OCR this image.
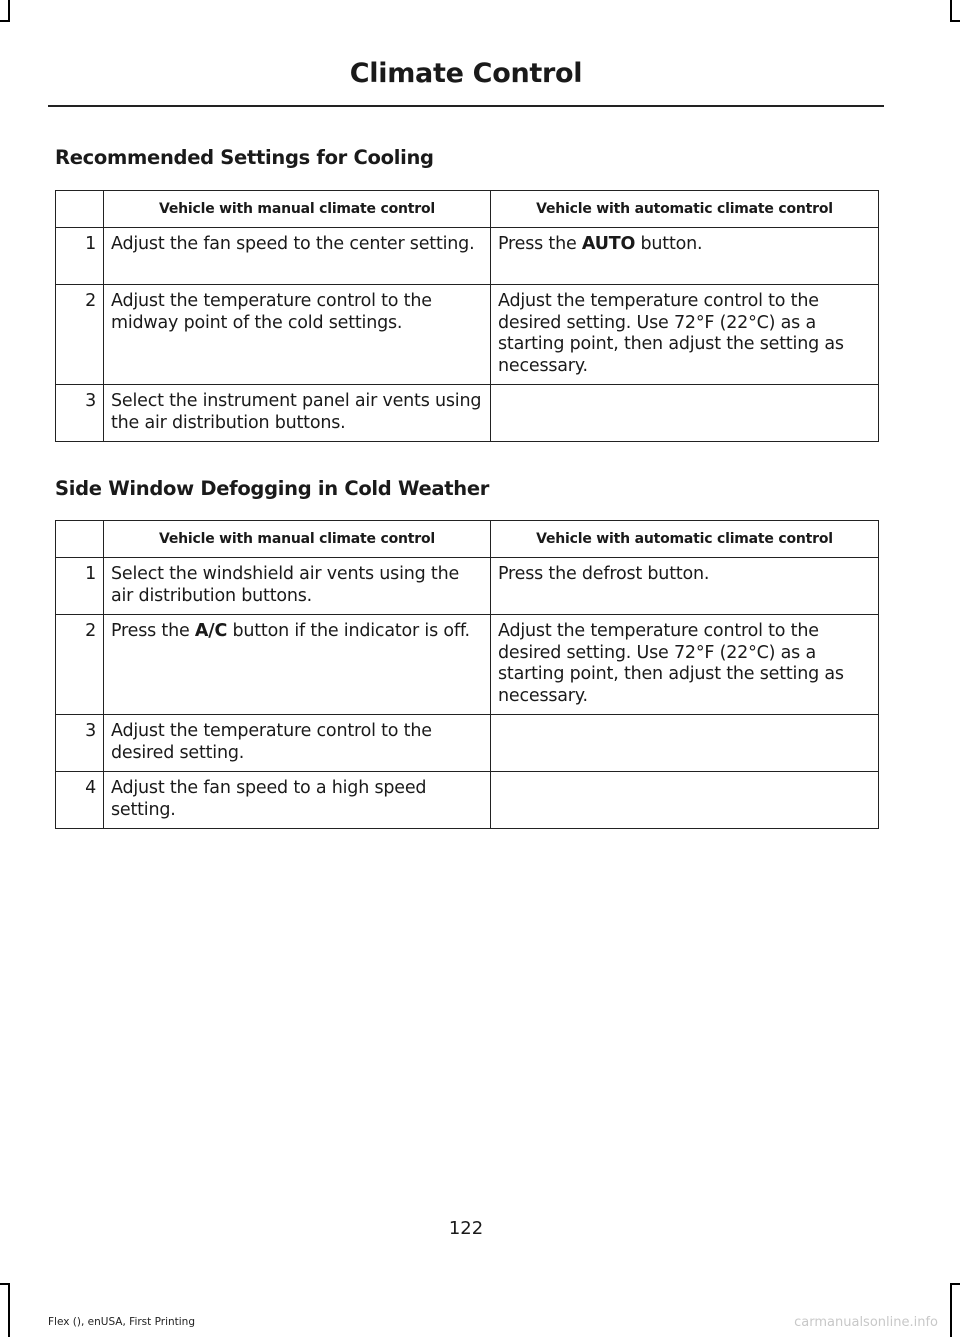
Climate Control
Recommended Settings for Cooling
	Vehicle with manual climate control	Vehicle with automatic climate control
1	Adjust the fan speed to the center setting.	Press the AUTO button.
2	Adjust the temperature control to the midway point of the cold settings.	Adjust the temperature control to the desired setting. Use 72°F (22°C) as a starting point, then adjust the setting as necessary.
3	Select the instrument panel air vents using the air distribution buttons.	
Side Window Defogging in Cold Weather
	Vehicle with manual climate control	Vehicle with automatic climate control
1	Select the windshield air vents using the air distribution buttons.	Press the defrost button.
2	Press the A/C button if the indicator is off.	Adjust the temperature control to the desired setting. Use 72°F (22°C) as a starting point, then adjust the setting as necessary.
3	Adjust the temperature control to the desired setting.	
4	Adjust the fan speed to a high speed setting.	
122
Flex (), enUSA, First Printing	carmanualsonline.info
